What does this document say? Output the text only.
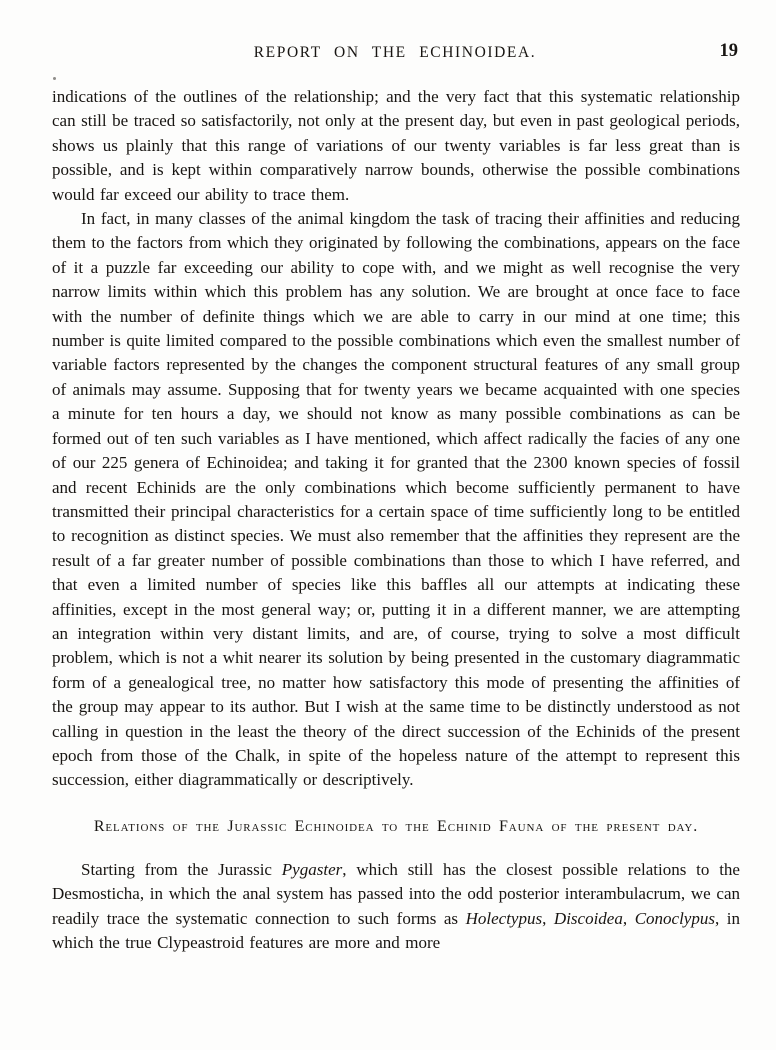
REPORT ON THE ECHINOIDEA.	19

indications of the outlines of the relationship; and the very fact that this systematic relationship can still be traced so satisfactorily, not only at the present day, but even in past geological periods, shows us plainly that this range of variations of our twenty variables is far less great than is possible, and is kept within comparatively narrow bounds, otherwise the possible combinations would far exceed our ability to trace them.

In fact, in many classes of the animal kingdom the task of tracing their affinities and reducing them to the factors from which they originated by following the combinations, appears on the face of it a puzzle far exceeding our ability to cope with, and we might as well recognise the very narrow limits within which this problem has any solution. We are brought at once face to face with the number of definite things which we are able to carry in our mind at one time; this number is quite limited compared to the possible combinations which even the smallest number of variable factors represented by the changes the component structural features of any small group of animals may assume. Supposing that for twenty years we became acquainted with one species a minute for ten hours a day, we should not know as many possible combinations as can be formed out of ten such variables as I have mentioned, which affect radically the facies of any one of our 225 genera of Echinoidea; and taking it for granted that the 2300 known species of fossil and recent Echinids are the only combinations which become sufficiently permanent to have transmitted their principal characteristics for a certain space of time sufficiently long to be entitled to recognition as distinct species. We must also remember that the affinities they represent are the result of a far greater number of possible combinations than those to which I have referred, and that even a limited number of species like this baffles all our attempts at indicating these affinities, except in the most general way; or, putting it in a different manner, we are attempting an integration within very distant limits, and are, of course, trying to solve a most difficult problem, which is not a whit nearer its solution by being presented in the customary diagrammatic form of a genealogical tree, no matter how satisfactory this mode of presenting the affinities of the group may appear to its author. But I wish at the same time to be distinctly understood as not calling in question in the least the theory of the direct succession of the Echinids of the present epoch from those of the Chalk, in spite of the hopeless nature of the attempt to represent this succession, either diagrammatically or descriptively.

Relations of the Jurassic Echinoidea to the Echinid Fauna of the present day.

Starting from the Jurassic Pygaster, which still has the closest possible relations to the Desmosticha, in which the anal system has passed into the odd posterior interambulacrum, we can readily trace the systematic connection to such forms as Holectypus, Discoidea, Conoclypus, in which the true Clypeastroid features are more and more
